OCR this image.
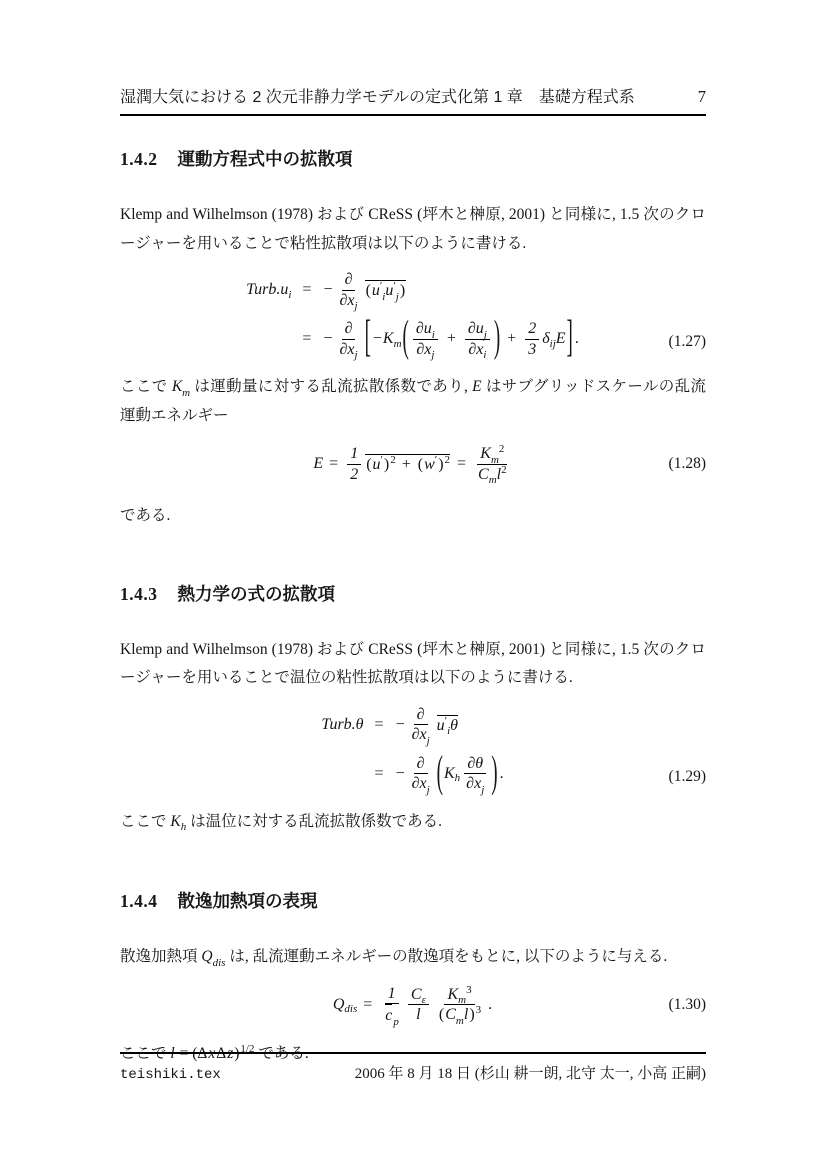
湿潤大気における 2 次元非静力学モデルの定式化 第 1 章 基礎方程式系	7
1.4.2 運動方程式中の拡散項

Klemp and Wilhelmson (1978) および CReSS (坪木と榊原, 2001) と同様に, 1.5 次のクロージャーを用いることで粘性拡散項は以下のように書ける.

Turb.u i = −
∂
∂x j
( u ′
i u ′
j )
= −
∂
∂x j [ − K m ( ∂u i
∂x j
+ $\frac{\text{∂u j}}{\text{∂x i}}$ ) + $\frac{2}{3}$ δ ij E ] .	(1.27)

ここで $K_m$ は運動量に対する乱流拡散係数であり, E はサブグリッドスケールの乱流運動エネルギー

$E = \frac{1}{2}$ ( u ′ ) 2 + ( w ′ ) 2 =
K m
2
C m l 2	(1.28)

である.

1.4.3 熱力学の式の拡散項

Klemp and Wilhelmson (1978) および CReSS (坪木と榊原, 2001) と同様に, 1.5 次のクロージャーを用いることで温位の粘性拡散項は以下のように書ける.

Turb.θ = −
∂
∂x j
u ′
i θ
= −
∂
∂x j ( K h
∂θ
∂x j ) .	(1.29)

ここで $K_h$ は温位に対する乱流拡散係数である.

1.4.4 散逸加熱項の表現

散逸加熱項 $Q_{dis}$ は, 乱流運動エネルギーの散逸項をもとに, 以下のように与える.

Q dis = $\frac{1}{\text{c p}}$ C ε
l
K m
3
( C m l ) 3 .	(1.30)

ここで $l = (\Delta x\Delta z)^{1/2}$ である.

teishiki.tex	2006 年 8 月 18 日 (杉山 耕一朗, 北守 太一, 小高 正嗣)
